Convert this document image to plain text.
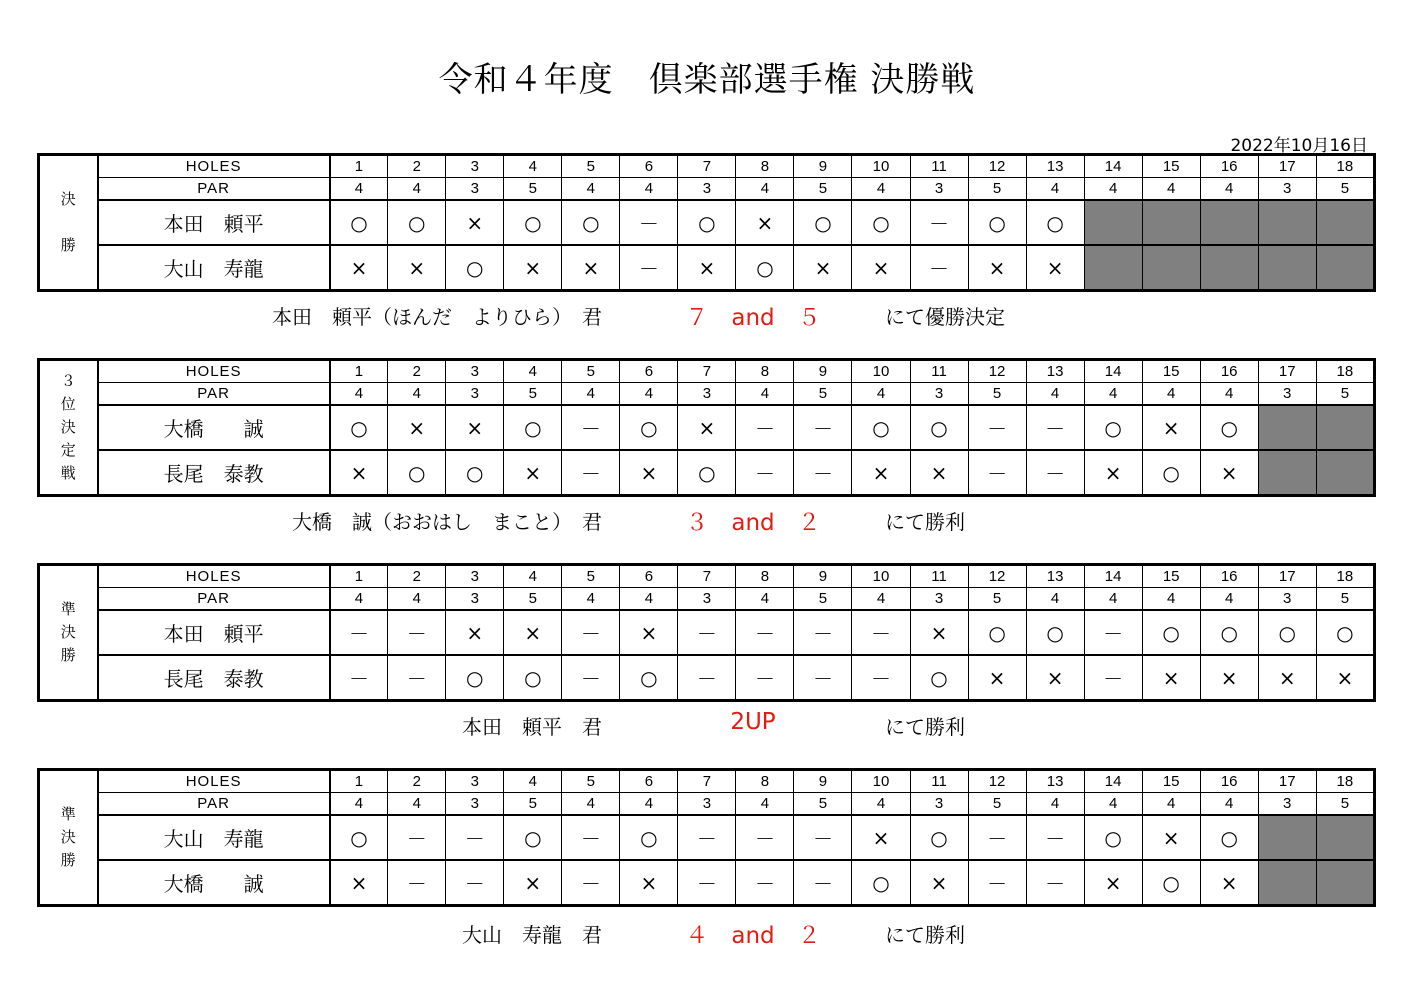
令和４年度　倶楽部選手権 決勝戦
2022年10月16日
決

勝	HOLES	1	2	3	4	5	6	7	8	9	10	11	12	13	14	15	16	17	18
	PAR	4	4	3	5	4	4	3	4	5	4	3	5	4	4	4	4	3	5
	本田　頼平	○	○	×	○	○	－	○	×	○	○	－	○	○					
	大山　寿龍	×	×	○	×	×	－	×	○	×	×	－	×	×					
本田　頼平（ほんだ　よりひら）　君	７　and　５	にて優勝決定
３
位
決
定
戦	HOLES	1	2	3	4	5	6	7	8	9	10	11	12	13	14	15	16	17	18
	PAR	4	4	3	5	4	4	3	4	5	4	3	5	4	4	4	4	3	5
	大橋　　誠	○	×	×	○	－	○	×	－	－	○	○	－	－	○	×	○		
	長尾　泰教	×	○	○	×	－	×	○	－	－	×	×	－	－	×	○	×		
大橋　誠（おおはし　まこと）　君	３　and　２	にて勝利
準
決
勝	HOLES	1	2	3	4	5	6	7	8	9	10	11	12	13	14	15	16	17	18
	PAR	4	4	3	5	4	4	3	4	5	4	3	5	4	4	4	4	3	5
	本田　頼平	－	－	×	×	－	×	－	－	－	－	×	○	○	－	○	○	○	○
	長尾　泰教	－	－	○	○	－	○	－	－	－	－	○	×	×	－	×	×	×	×
本田　頼平　君	2UP	にて勝利
準
決
勝	HOLES	1	2	3	4	5	6	7	8	9	10	11	12	13	14	15	16	17	18
	PAR	4	4	3	5	4	4	3	4	5	4	3	5	4	4	4	4	3	5
	大山　寿龍	○	－	－	○	－	○	－	－	－	×	○	－	－	○	×	○		
	大橋　　誠	×	－	－	×	－	×	－	－	－	○	×	－	－	×	○	×		
大山　寿龍　君	４　and　２	にて勝利
